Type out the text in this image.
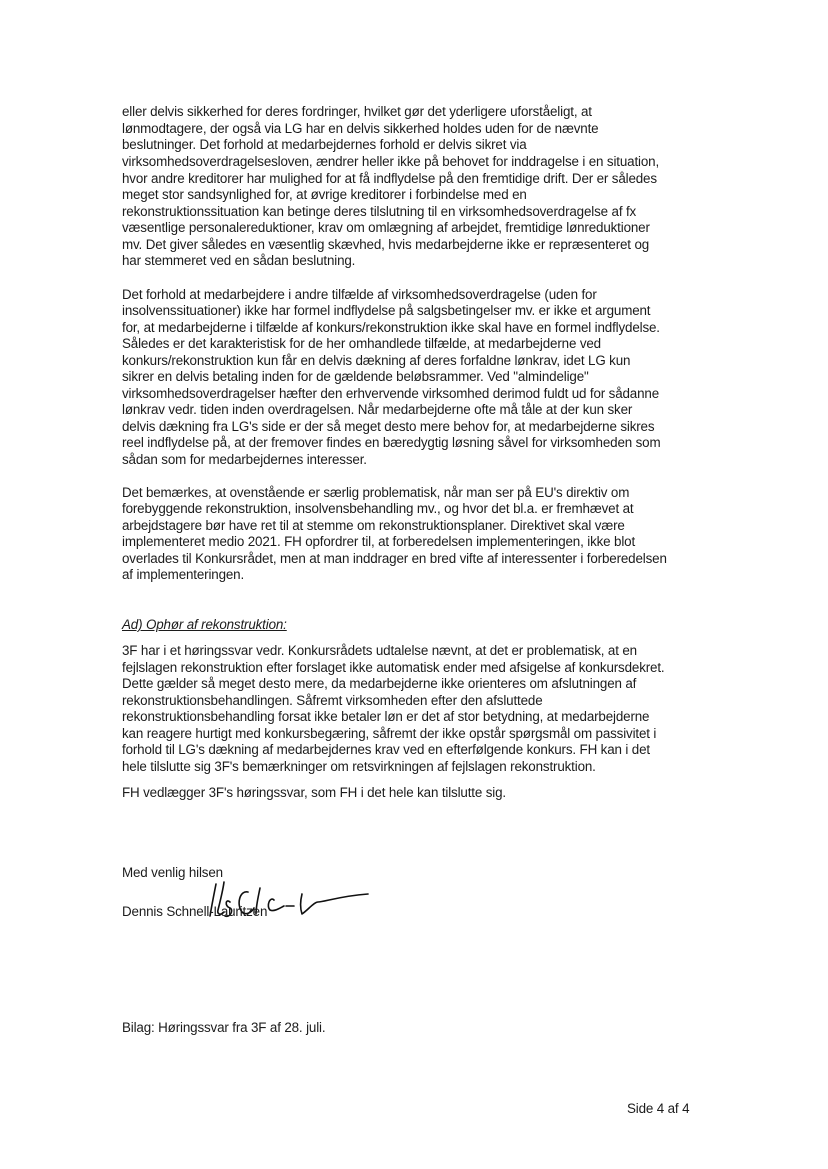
eller delvis sikkerhed for deres fordringer, hvilket gør det yderligere uforståeligt, at
lønmodtagere, der også via LG har en delvis sikkerhed holdes uden for de nævnte
beslutninger. Det forhold at medarbejdernes forhold er delvis sikret via
virksomhedsoverdragelsesloven, ændrer heller ikke på behovet for inddragelse i en situation,
hvor andre kreditorer har mulighed for at få indflydelse på den fremtidige drift. Der er således
meget stor sandsynlighed for, at øvrige kreditorer i forbindelse med en
rekonstruktionssituation kan betinge deres tilslutning til en virksomhedsoverdragelse af fx
væsentlige personalereduktioner, krav om omlægning af arbejdet, fremtidige lønreduktioner
mv. Det giver således en væsentlig skævhed, hvis medarbejderne ikke er repræsenteret og
har stemmeret ved en sådan beslutning.
Det forhold at medarbejdere i andre tilfælde af virksomhedsoverdragelse (uden for
insolvenssituationer) ikke har formel indflydelse på salgsbetingelser mv. er ikke et argument
for, at medarbejderne i tilfælde af konkurs/rekonstruktion ikke skal have en formel indflydelse.
Således er det karakteristisk for de her omhandlede tilfælde, at medarbejderne ved
konkurs/rekonstruktion kun får en delvis dækning af deres forfaldne lønkrav, idet LG kun
sikrer en delvis betaling inden for de gældende beløbsrammer. Ved "almindelige"
virksomhedsoverdragelser hæfter den erhvervende virksomhed derimod fuldt ud for sådanne
lønkrav vedr. tiden inden overdragelsen. Når medarbejderne ofte må tåle at der kun sker
delvis dækning fra LG's side er der så meget desto mere behov for, at medarbejderne sikres
reel indflydelse på, at der fremover findes en bæredygtig løsning såvel for virksomheden som
sådan som for medarbejdernes interesser.
Det bemærkes, at ovenstående er særlig problematisk, når man ser på EU's direktiv om
forebyggende rekonstruktion, insolvensbehandling mv., og hvor det bl.a. er fremhævet at
arbejdstagere bør have ret til at stemme om rekonstruktionsplaner. Direktivet skal være
implementeret medio 2021. FH opfordrer til, at forberedelsen implementeringen, ikke blot
overlades til Konkursrådet, men at man inddrager en bred vifte af interessenter i forberedelsen
af implementeringen.
Ad) Ophør af rekonstruktion:
3F har i et høringssvar vedr. Konkursrådets udtalelse nævnt, at det er problematisk, at en
fejlslagen rekonstruktion efter forslaget ikke automatisk ender med afsigelse af konkursdekret.
Dette gælder så meget desto mere, da medarbejderne ikke orienteres om afslutningen af
rekonstruktionsbehandlingen. Såfremt virksomheden efter den afsluttede
rekonstruktionsbehandling forsat ikke betaler løn er det af stor betydning, at medarbejderne
kan reagere hurtigt med konkursbegæring, såfremt der ikke opstår spørgsmål om passivitet i
forhold til LG's dækning af medarbejdernes krav ved en efterfølgende konkurs. FH kan i det
hele tilslutte sig 3F's bemærkninger om retsvirkningen af fejlslagen rekonstruktion.
FH vedlægger 3F's høringssvar, som FH i det hele kan tilslutte sig.
Med venlig hilsen
Dennis Schnell-Lauritzen
Bilag: Høringssvar fra 3F af 28. juli.
Side 4 af 4
